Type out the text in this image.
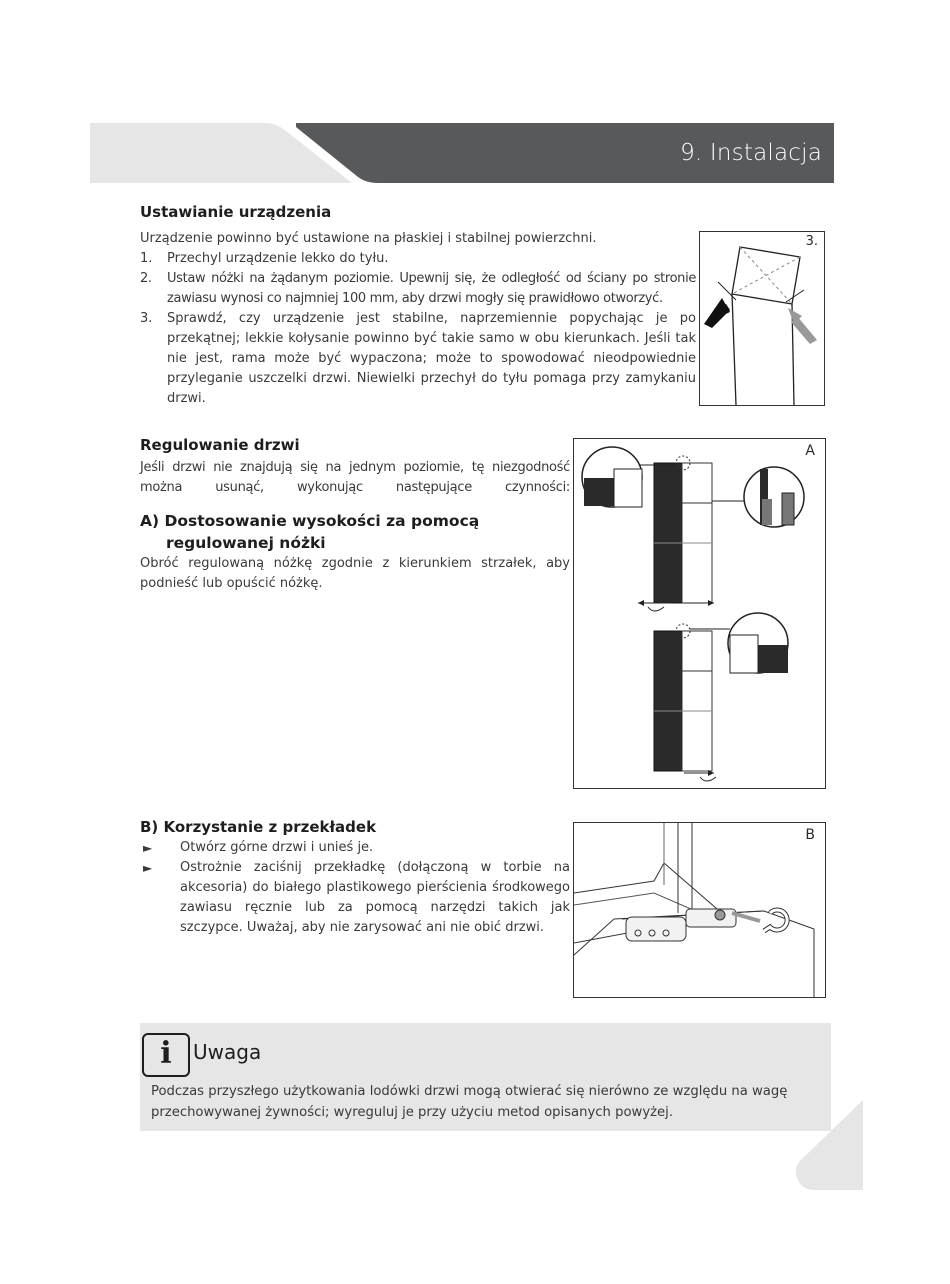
9. Instalacja
Ustawianie urządzenia
Urządzenie powinno być ustawione na płaskiej i stabilnej powierzchni.
1. Przechyl urządzenie lekko do tyłu.
2. Ustaw nóżki na żądanym poziomie. Upewnij się, że odległość od ściany po stronie zawiasu wynosi co najmniej 100 mm, aby drzwi mogły się prawidłowo otworzyć.
3. Sprawdź, czy urządzenie jest stabilne, naprzemiennie popychając je po przekątnej; lekkie kołysanie powinno być takie samo w obu kierunkach. Jeśli tak nie jest, rama może być wypaczona; może to spowodować nieodpowiednie przyleganie uszczelki drzwi. Niewielki przechył do tyłu pomaga przy zamykaniu drzwi.
3.
Regulowanie drzwi
Jeśli drzwi nie znajdują się na jednym poziomie, tę niezgodność można usunąć, wykonując następujące czynności:
A) Dostosowanie wysokości za pomocą
regulowanej nóżki
Obróć regulowaną nóżkę zgodnie z kierunkiem strzałek, aby podnieść lub opuścić nóżkę.
A
B) Korzystanie z przekładek
► Otwórz górne drzwi i unieś je.
► Ostrożnie zaciśnij przekładkę (dołączoną w torbie na akcesoria) do białego plastikowego pierścienia środkowego zawiasu ręcznie lub za pomocą narzędzi takich jak szczypce. Uważaj, aby nie zarysować ani nie obić drzwi.
B
i	Uwaga
Podczas przyszłego użytkowania lodówki drzwi mogą otwierać się nierówno ze względu na wagę przechowywanej żywności; wyreguluj je przy użyciu metod opisanych powyżej.
